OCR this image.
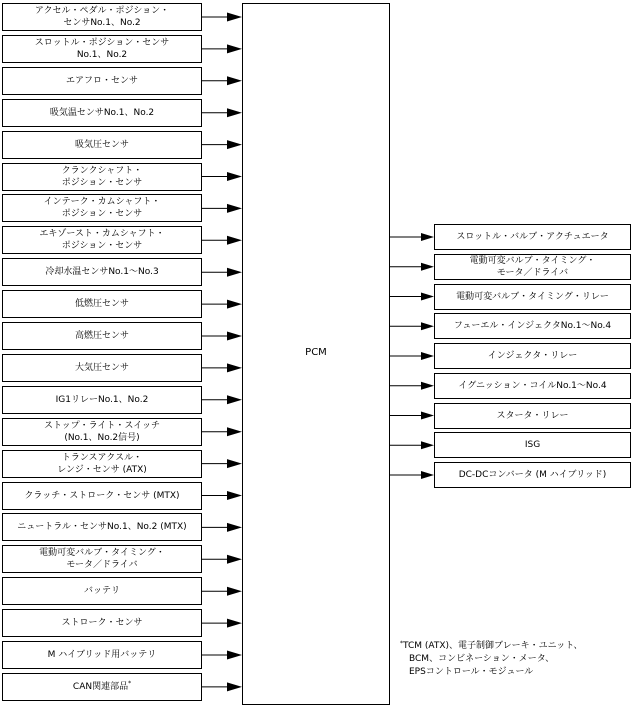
PCM
アクセル・ペダル・ポジション・
センサNo.1、No.2
スロットル・ポジション・センサ
No.1、No.2
エアフロ・センサ
吸気温センサNo.1、No.2
吸気圧センサ
クランクシャフト・
ポジション・センサ
インテーク・カムシャフト・
ポジション・センサ
エキゾースト・カムシャフト・
ポジション・センサ
冷却水温センサNo.1〜No.3
低燃圧センサ
高燃圧センサ
大気圧センサ
IG1リレーNo.1、No.2
ストップ・ライト・スイッチ
(No.1、No.2信号)
トランスアクスル・
レンジ・センサ (ATX)
クラッチ・ストローク・センサ (MTX)
ニュートラル・センサNo.1、No.2 (MTX)
電動可変バルブ・タイミング・
モータ／ドライバ
バッテリ
ストローク・センサ
M ハイブリッド用バッテリ
CAN関連部品*
スロットル・バルブ・アクチュエータ
電動可変バルブ・タイミング・
モータ／ドライバ
電動可変バルブ・タイミング・リレー
フューエル・インジェクタNo.1〜No.4
インジェクタ・リレー
イグニッション・コイルNo.1〜No.4
スタータ・リレー
ISG
DC-DCコンバータ (M ハイブリッド)
*TCM (ATX)、電子制御ブレーキ・ユニット、
BCM、コンビネーション・メータ、
EPSコントロール・モジュール
